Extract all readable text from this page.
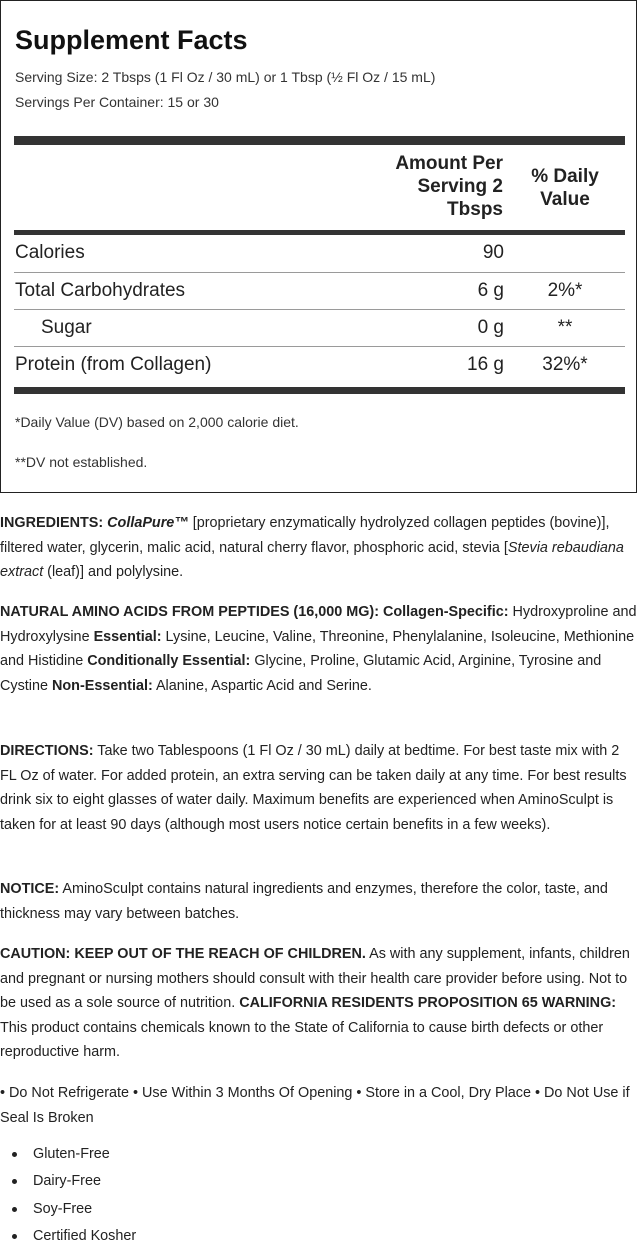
Supplement Facts
Serving Size: 2 Tbsps (1 Fl Oz / 30 mL) or 1 Tbsp (½ Fl Oz / 15 mL)
Servings Per Container: 15 or 30
Amount Per
Serving 2
Tbsps
% Daily
Value
Calories	90
Total Carbohydrates	6 g	2%*
Sugar	0 g	**
Protein (from Collagen)	16 g	32%*
*Daily Value (DV) based on 2,000 calorie diet.
**DV not established.

INGREDIENTS: CollaPure™ [proprietary enzymatically hydrolyzed collagen peptides (bovine)], filtered water, glycerin, malic acid, natural cherry flavor, phosphoric acid, stevia [Stevia rebaudiana extract (leaf)] and polylysine.

NATURAL AMINO ACIDS FROM PEPTIDES (16,000 MG): Collagen-Specific: Hydroxyproline and Hydroxylysine Essential: Lysine, Leucine, Valine, Threonine, Phenylalanine, Isoleucine, Methionine and Histidine Conditionally Essential: Glycine, Proline, Glutamic Acid, Arginine, Tyrosine and Cystine Non-Essential: Alanine, Aspartic Acid and Serine.

DIRECTIONS: Take two Tablespoons (1 Fl Oz / 30 mL) daily at bedtime. For best taste mix with 2 FL Oz of water. For added protein, an extra serving can be taken daily at any time. For best results drink six to eight glasses of water daily. Maximum benefits are experienced when AminoSculpt is taken for at least 90 days (although most users notice certain benefits in a few weeks).

NOTICE: AminoSculpt contains natural ingredients and enzymes, therefore the color, taste, and thickness may vary between batches.

CAUTION: KEEP OUT OF THE REACH OF CHILDREN. As with any supplement, infants, children and pregnant or nursing mothers should consult with their health care provider before using. Not to be used as a sole source of nutrition. CALIFORNIA RESIDENTS PROPOSITION 65 WARNING: This product contains chemicals known to the State of California to cause birth defects or other reproductive harm.

• Do Not Refrigerate • Use Within 3 Months Of Opening • Store in a Cool, Dry Place • Do Not Use if Seal Is Broken

Gluten-Free
Dairy-Free
Soy-Free
Certified Kosher
